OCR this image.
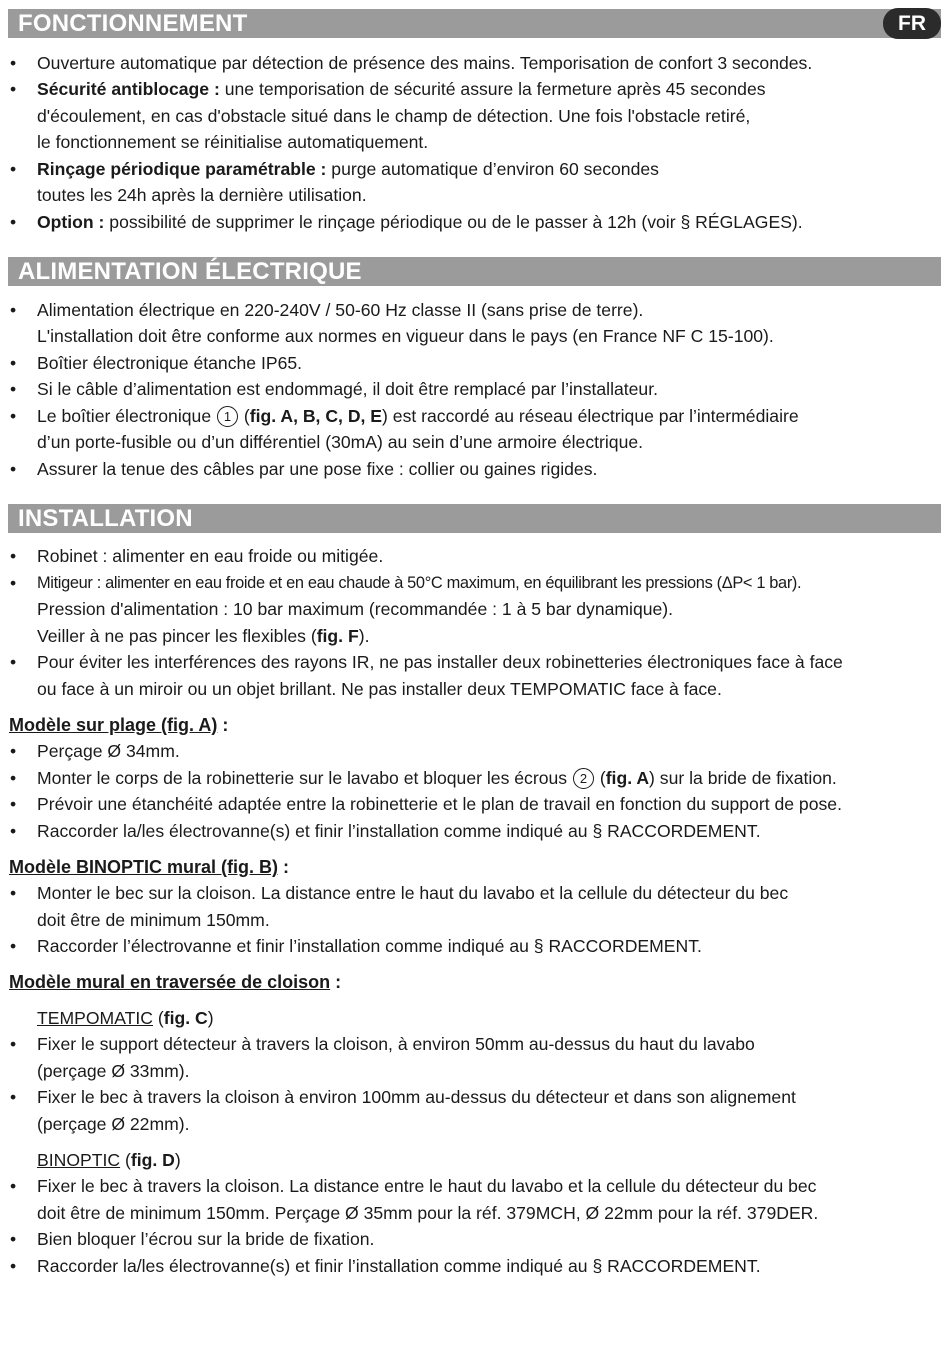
FONCTIONNEMENT	FR
• Ouverture automatique par détection de présence des mains. Temporisation de confort 3 secondes.
• Sécurité antiblocage : une temporisation de sécurité assure la fermeture après 45 secondes
d'écoulement, en cas d'obstacle situé dans le champ de détection. Une fois l'obstacle retiré,
le fonctionnement se réinitialise automatiquement.
• Rinçage périodique paramétrable : purge automatique d’environ 60 secondes
toutes les 24h après la dernière utilisation.
• Option : possibilité de supprimer le rinçage périodique ou de le passer à 12h (voir § RÉGLAGES).
ALIMENTATION ÉLECTRIQUE
• Alimentation électrique en 220-240V / 50-60 Hz classe II (sans prise de terre).
L'installation doit être conforme aux normes en vigueur dans le pays (en France NF C 15-100).
• Boîtier électronique étanche IP65.
• Si le câble d’alimentation est endommagé, il doit être remplacé par l’installateur.
• Le boîtier électronique 1 (fig. A, B, C, D, E) est raccordé au réseau électrique par l’intermédiaire
d’un porte-fusible ou d’un différentiel (30mA) au sein d’une armoire électrique.
• Assurer la tenue des câbles par une pose fixe : collier ou gaines rigides.
INSTALLATION
• Robinet : alimenter en eau froide ou mitigée.
• Mitigeur : alimenter en eau froide et en eau chaude à 50°C maximum, en équilibrant les pressions (ΔP< 1 bar).
Pression d'alimentation : 10 bar maximum (recommandée : 1 à 5 bar dynamique).
Veiller à ne pas pincer les flexibles (fig. F).
• Pour éviter les interférences des rayons IR, ne pas installer deux robinetteries électroniques face à face
ou face à un miroir ou un objet brillant. Ne pas installer deux TEMPOMATIC face à face.
Modèle sur plage (fig. A) :
• Perçage Ø 34mm.
• Monter le corps de la robinetterie sur le lavabo et bloquer les écrous 2 (fig. A) sur la bride de fixation.
• Prévoir une étanchéité adaptée entre la robinetterie et le plan de travail en fonction du support de pose.
• Raccorder la/les électrovanne(s) et finir l’installation comme indiqué au § RACCORDEMENT.
Modèle BINOPTIC mural (fig. B) :
• Monter le bec sur la cloison. La distance entre le haut du lavabo et la cellule du détecteur du bec
doit être de minimum 150mm.
• Raccorder l’électrovanne et finir l’installation comme indiqué au § RACCORDEMENT.
Modèle mural en traversée de cloison :
TEMPOMATIC (fig. C)
• Fixer le support détecteur à travers la cloison, à environ 50mm au-dessus du haut du lavabo
(perçage Ø 33mm).
• Fixer le bec à travers la cloison à environ 100mm au-dessus du détecteur et dans son alignement
(perçage Ø 22mm).
BINOPTIC (fig. D)
• Fixer le bec à travers la cloison. La distance entre le haut du lavabo et la cellule du détecteur du bec
doit être de minimum 150mm. Perçage Ø 35mm pour la réf. 379MCH, Ø 22mm pour la réf. 379DER.
• Bien bloquer l’écrou sur la bride de fixation.
• Raccorder la/les électrovanne(s) et finir l’installation comme indiqué au § RACCORDEMENT.
